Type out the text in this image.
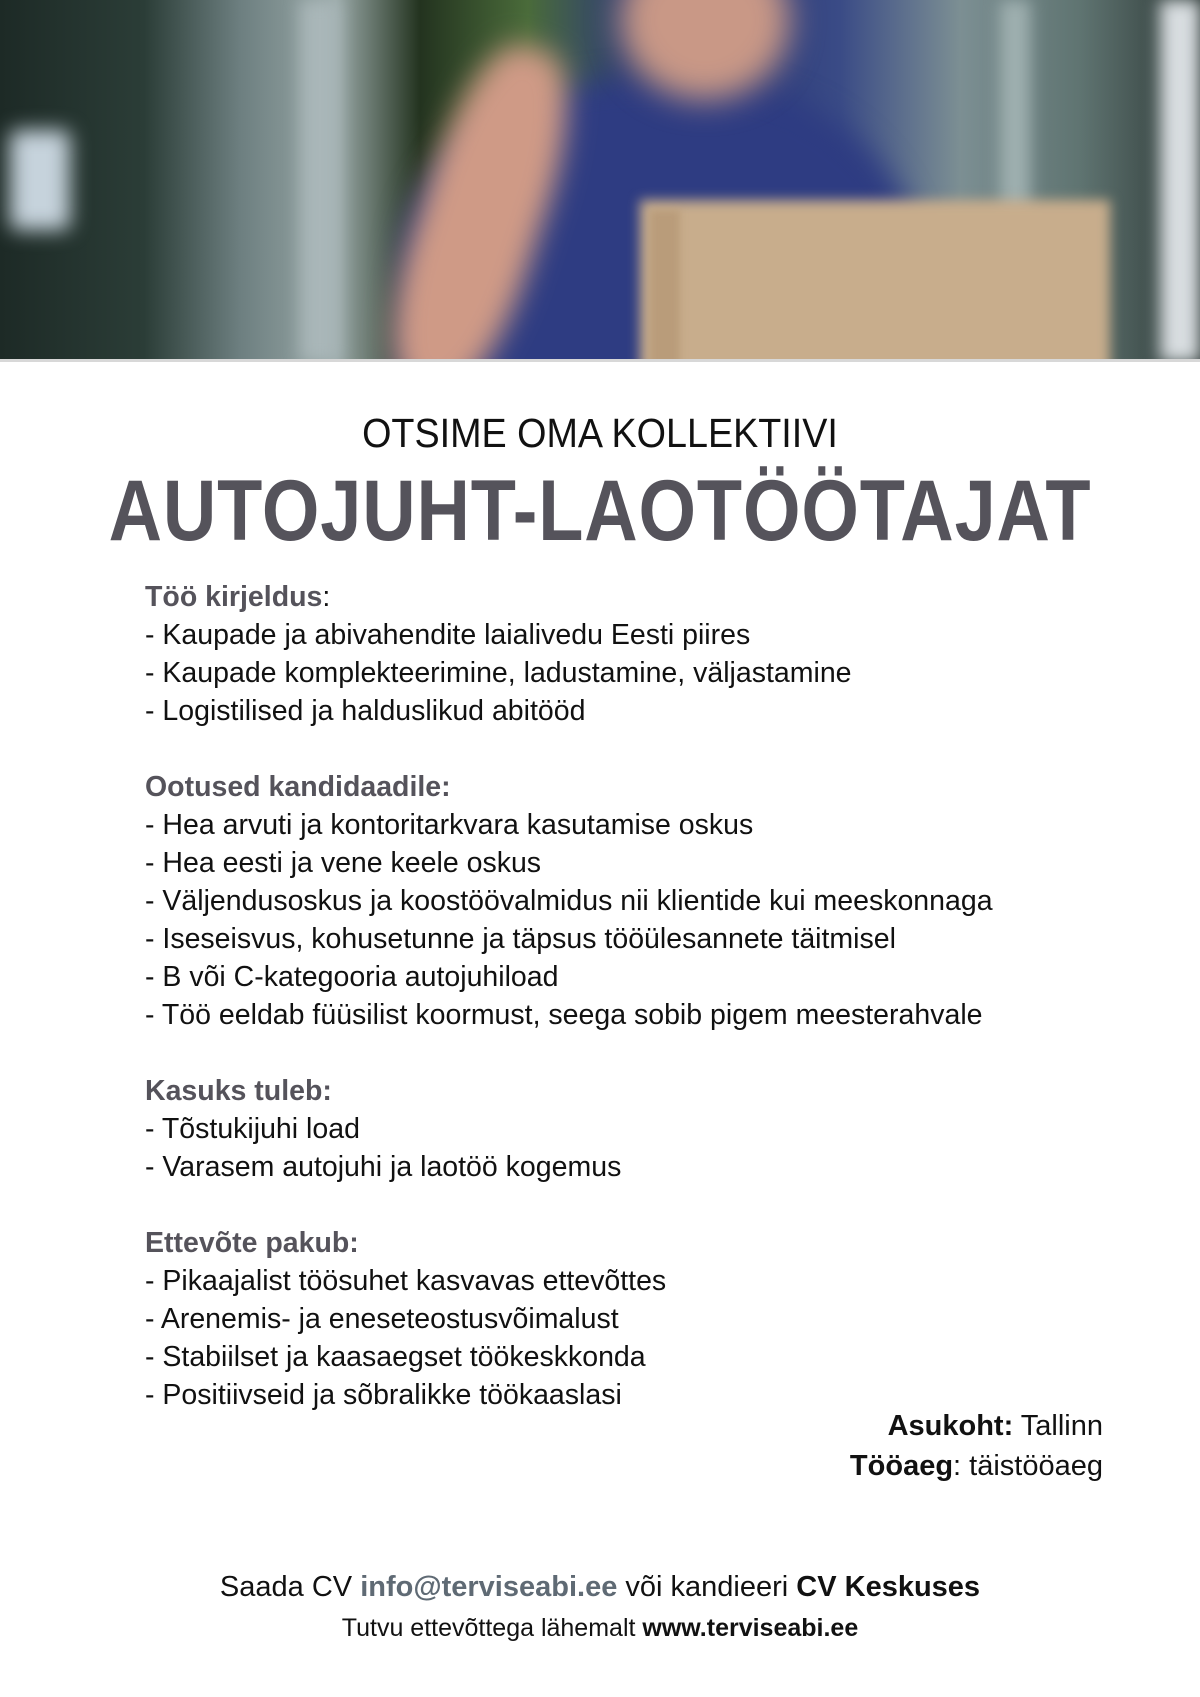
OTSIME OMA KOLLEKTIIVI
AUTOJUHT-LAOTÖÖTAJAT
Töö kirjeldus:
- Kaupade ja abivahendite laialivedu Eesti piires
- Kaupade komplekteerimine, ladustamine, väljastamine
- Logistilised ja halduslikud abitööd
Ootused kandidaadile:
- Hea arvuti ja kontoritarkvara kasutamise oskus
- Hea eesti ja vene keele oskus
- Väljendusoskus ja koostöövalmidus nii klientide kui meeskonnaga
- Iseseisvus, kohusetunne ja täpsus tööülesannete täitmisel
- B või C-kategooria autojuhiload
- Töö eeldab füüsilist koormust, seega sobib pigem meesterahvale
Kasuks tuleb:
- Tõstukijuhi load
- Varasem autojuhi ja laotöö kogemus
Ettevõte pakub:
- Pikaajalist töösuhet kasvavas ettevõttes
- Arenemis- ja eneseteostusvõimalust
- Stabiilset ja kaasaegset töökeskkonda
- Positiivseid ja sõbralikke töökaaslasi
Asukoht: Tallinn
Tööaeg: täistööaeg
Saada CV info@terviseabi.ee või kandieeri CV Keskuses
Tutvu ettevõttega lähemalt www.terviseabi.ee
